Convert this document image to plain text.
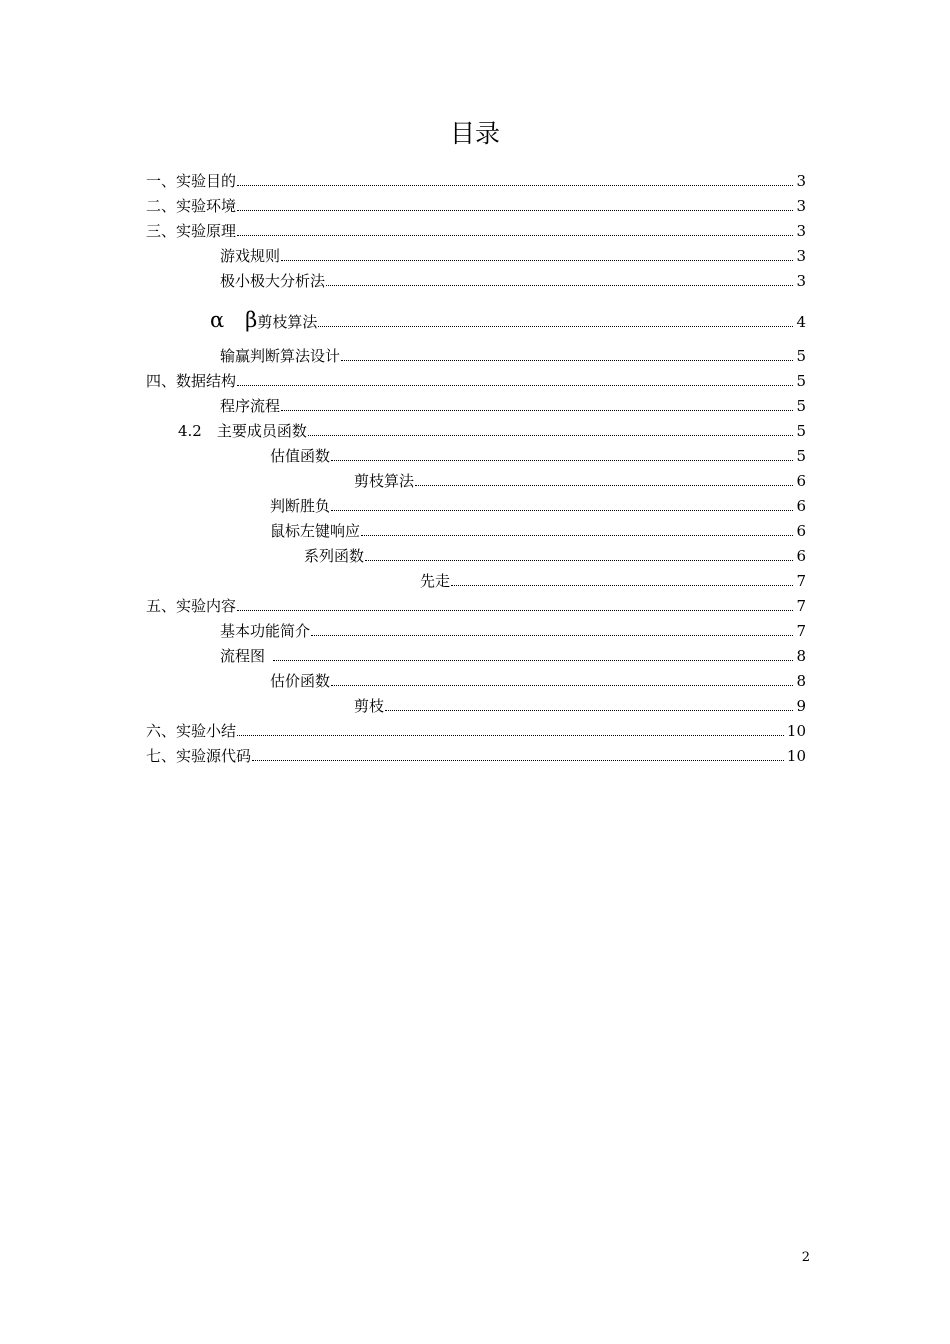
目录
一、实验目的	3
二、实验环境	3
三、实验原理	3
游戏规则	3
极小极大分析法	3
α　β 剪枝算法	4
输赢判断算法设计	5
四、数据结构	5
程序流程	5
4.2　主要成员函数	5
估值函数	5
剪枝算法	6
判断胜负	6
鼠标左键响应	6
系列函数	6
先走	7
五、实验内容	7
基本功能简介	7
流程图	8
估价函数	8
剪枝	9
六、实验小结	10
七、实验源代码	10
2
